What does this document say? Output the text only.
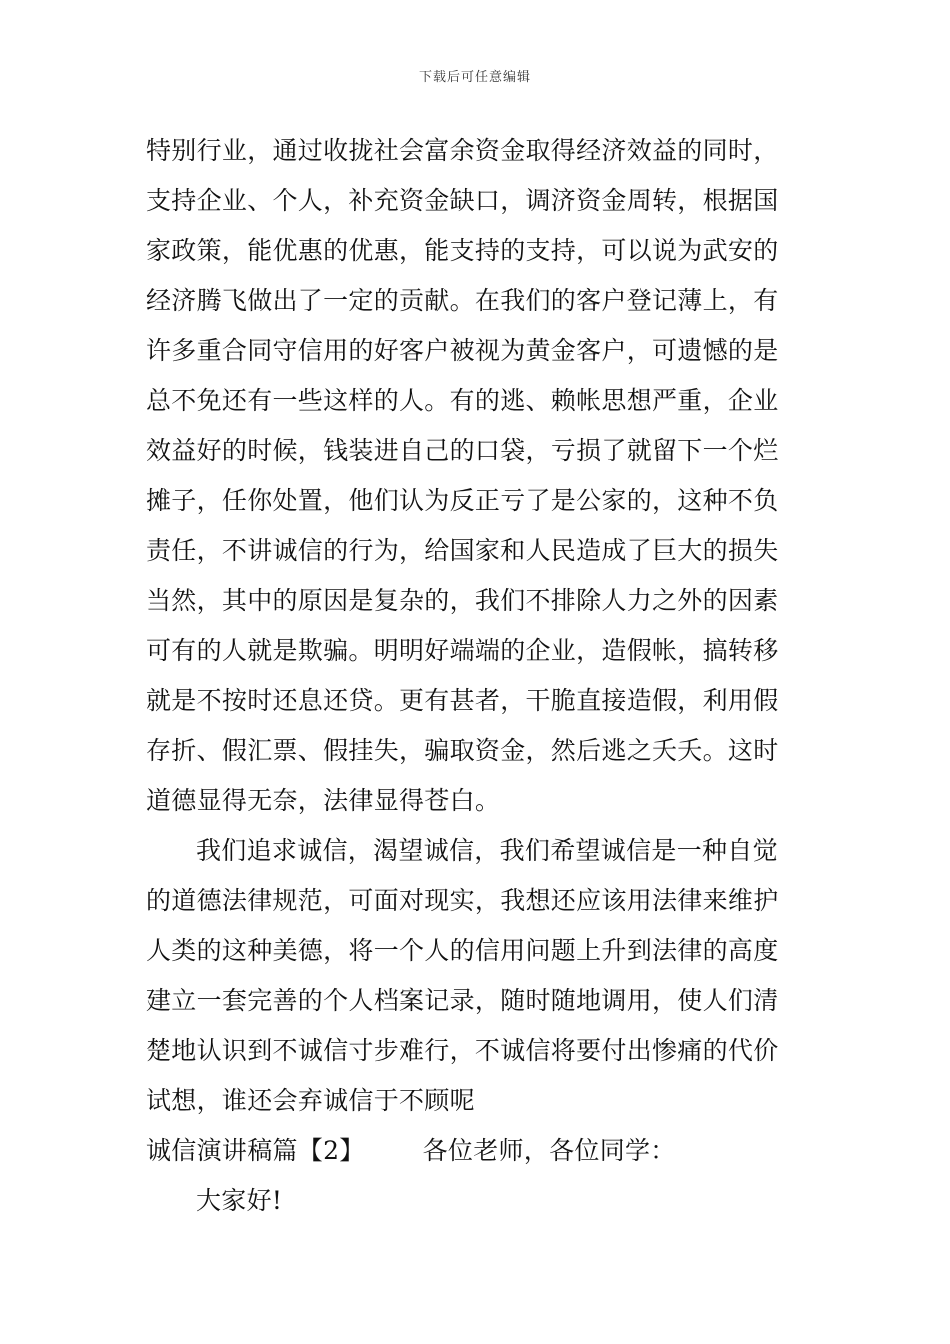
下载后可任意编辑
特别行业，通过收拢社会富余资金取得经济效益的同时，
支持企业、个人，补充资金缺口，调济资金周转，根据国
家政策，能优惠的优惠，能支持的支持，可以说为武安的
经济腾飞做出了一定的贡献。在我们的客户登记薄上，有
许多重合同守信用的好客户被视为黄金客户，可遗憾的是
总不免还有一些这样的人。有的逃、赖帐思想严重，企业
效益好的时候，钱装进自己的口袋，亏损了就留下一个烂
摊子，任你处置，他们认为反正亏了是公家的，这种不负
责任，不讲诚信的行为，给国家和人民造成了巨大的损失
当然，其中的原因是复杂的，我们不排除人力之外的因素
可有的人就是欺骗。明明好端端的企业，造假帐，搞转移
就是不按时还息还贷。更有甚者，干脆直接造假，利用假
存折、假汇票、假挂失，骗取资金，然后逃之夭夭。这时
道德显得无奈，法律显得苍白。
我们追求诚信，渴望诚信，我们希望诚信是一种自觉
的道德法律规范，可面对现实，我想还应该用法律来维护
人类的这种美德，将一个人的信用问题上升到法律的高度
建立一套完善的个人档案记录，随时随地调用，使人们清
楚地认识到不诚信寸步难行，不诚信将要付出惨痛的代价
试想，谁还会弃诚信于不顾呢
诚信演讲稿篇【2】 各位老师，各位同学：
大家好!
